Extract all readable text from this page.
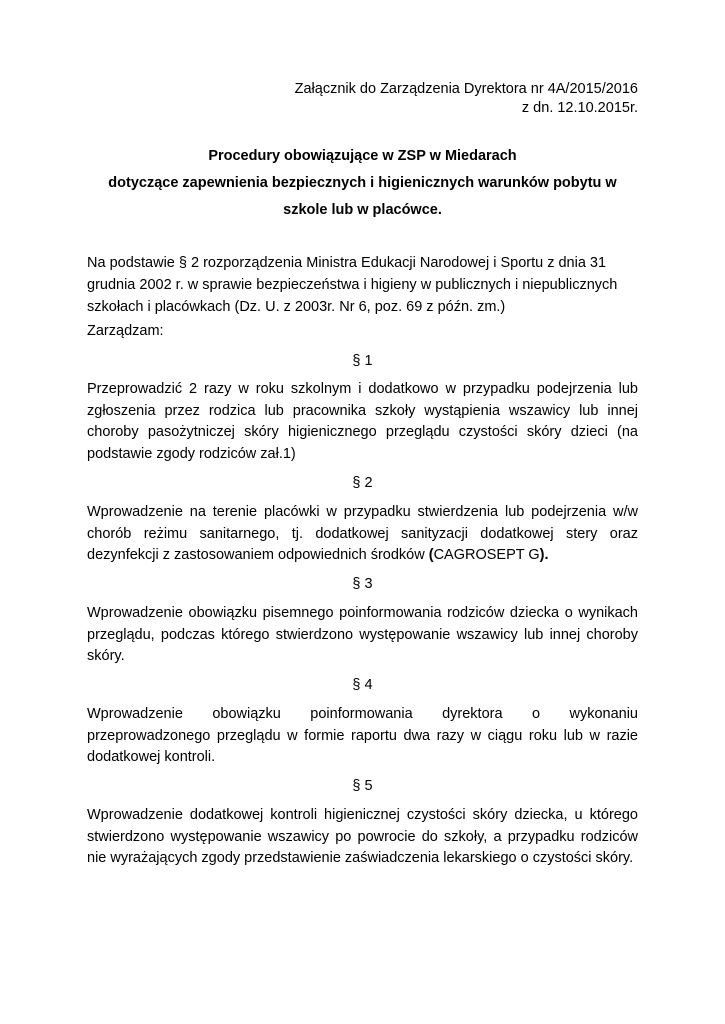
Załącznik do Zarządzenia Dyrektora nr 4A/2015/2016
z dn. 12.10.2015r.
Procedury obowiązujące w ZSP w Miedarach
dotyczące zapewnienia bezpiecznych i higienicznych warunków pobytu w
szkole lub w placówce.
Na podstawie § 2 rozporządzenia Ministra Edukacji Narodowej i Sportu z dnia 31 grudnia 2002 r. w sprawie bezpieczeństwa i higieny w publicznych i niepublicznych szkołach i placówkach (Dz. U. z 2003r. Nr 6, poz. 69 z późn. zm.)
Zarządzam:
§ 1
Przeprowadzić 2 razy w roku szkolnym i dodatkowo w przypadku podejrzenia lub zgłoszenia przez rodzica lub pracownika szkoły wystąpienia wszawicy lub innej choroby pasożytniczej skóry higienicznego przeglądu czystości skóry dzieci (na podstawie zgody rodziców zał.1)
§ 2
Wprowadzenie na terenie placówki w przypadku stwierdzenia lub podejrzenia w/w chorób reżimu sanitarnego, tj. dodatkowej sanityzacji dodatkowej stery oraz dezynfekcji z zastosowaniem odpowiednich środków (CAGROSEPT G).
§ 3
Wprowadzenie obowiązku pisemnego poinformowania rodziców dziecka o wynikach przeglądu, podczas którego stwierdzono występowanie wszawicy lub innej choroby skóry.
§ 4
Wprowadzenie obowiązku poinformowania dyrektora o wykonaniu przeprowadzonego przeglądu w formie raportu dwa razy w ciągu roku lub w razie dodatkowej kontroli.
§ 5
Wprowadzenie dodatkowej kontroli higienicznej czystości skóry dziecka, u którego stwierdzono występowanie wszawicy po powrocie do szkoły, a przypadku rodziców nie wyrażających zgody przedstawienie zaświadczenia lekarskiego o czystości skóry.
